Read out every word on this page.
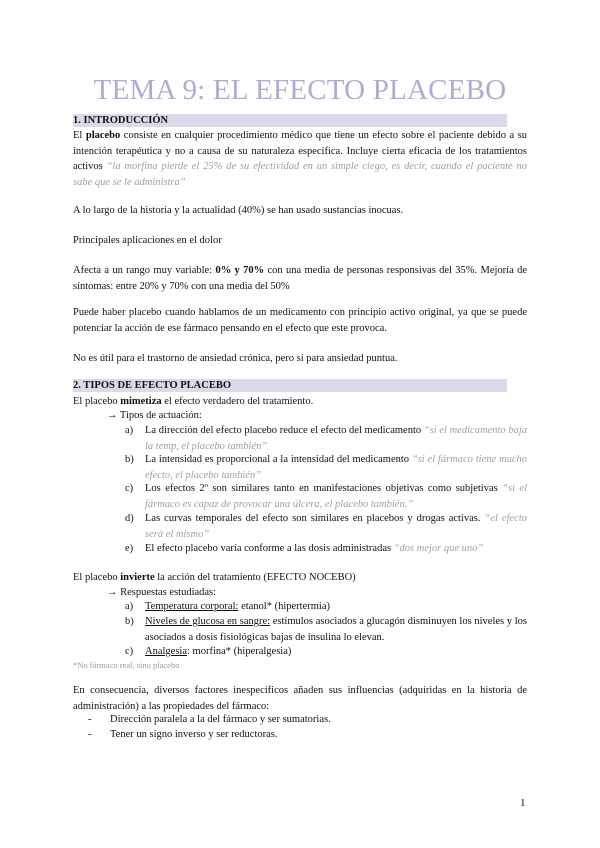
TEMA 9: EL EFECTO PLACEBO
1. INTRODUCCIÓN
El placebo consiste en cualquier procedimiento médico que tiene un efecto sobre el paciente debido a su intención terapéutica y no a causa de su naturaleza específica. Incluye cierta eficacia de los tratamientos activos “la morfina pierde el 25% de su efectividad en un simple ciego, es decir, cuando el paciente no sabe que se le administra”
A lo largo de la historia y la actualidad (40%) se han usado sustancias inocuas.
Principales aplicaciones en el dolor
Afecta a un rango muy variable: 0% y 70% con una media de personas responsivas del 35%. Mejoría de síntomas: entre 20% y 70% con una media del 50%
Puede haber placebo cuando hablamos de un medicamento con principio activo original, ya que se puede potenciar la acción de ese fármaco pensando en el efecto que este provoca.
No es útil para el trastorno de ansiedad crónica, pero sí para ansiedad puntua.
2. TIPOS DE EFECTO PLACEBO
El placebo mimetiza el efecto verdadero del tratamiento.
→ Tipos de actuación:
a) La dirección del efecto placebo reduce el efecto del medicamento “si el medicamento baja la temp, el placebo también”
b) La intensidad es proporcional a la intensidad del medicamento “si el fármaco tiene mucho efecto, el placebo también”
c) Los efectos 2º son similares tanto en manifestaciones objetivas como subjetivas “si el fármaco es capaz de provocar una úlcera, el placebo también.”
d) Las curvas temporales del efecto son similares en placebos y drogas activas. “el efecto será el mismo”
e) El efecto placebo varía conforme a las dosis administradas “dos mejor que uno”
El placebo invierte la acción del tratamiento (EFECTO NOCEBO)
→ Respuestas estudiadas:
a) Temperatura corporal: etanol* (hipertermia)
b) Niveles de glucosa en sangre: estímulos asociados a glucagón disminuyen los niveles y los asociados a dosis fisiológicas bajas de insulina lo elevan.
c) Analgesia: morfina* (hiperalgesia)
*No fármaco real, sino placebo
En consecuencia, diversos factores inespecíficos añaden sus influencias (adquiridas en la historia de administración) a las propiedades del fármaco:
- Dirección paralela a la del fármaco y ser sumatorias.
- Tener un signo inverso y ser reductoras.
1
